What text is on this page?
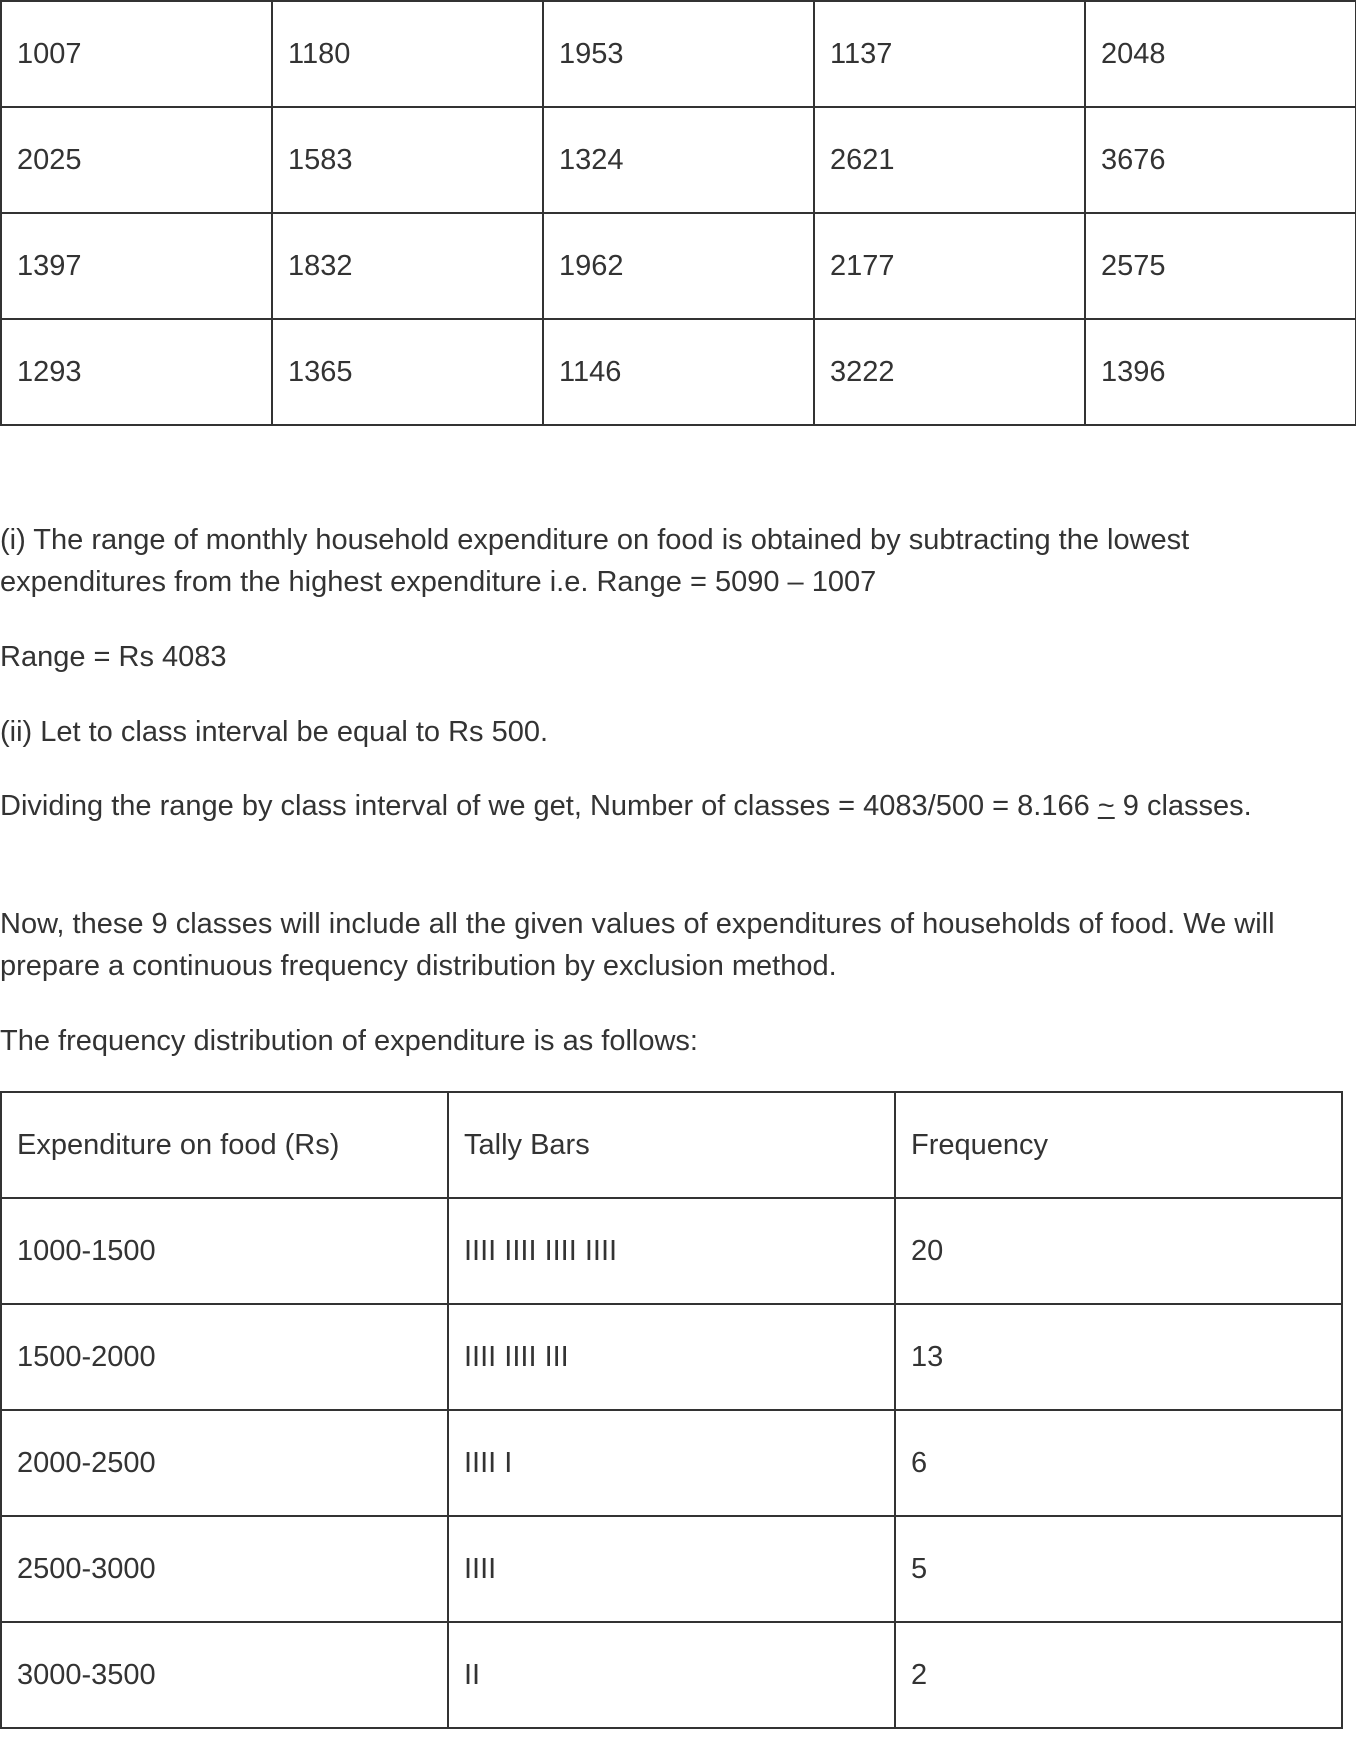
1007	1180	1953	1137	2048
2025	1583	1324	2621	3676
1397	1832	1962	2177	2575
1293	1365	1146	3222	1396

(i) The range of monthly household expenditure on food is obtained by subtracting the lowest expenditures from the highest expenditure i.e. Range = 5090 – 1007

Range = Rs 4083

(ii) Let to class interval be equal to Rs 500.

Dividing the range by class interval of we get, Number of classes = 4083/500 = 8.166 ~ 9 classes.

Now, these 9 classes will include all the given values of expenditures of households of food. We will prepare a continuous frequency distribution by exclusion method.

The frequency distribution of expenditure is as follows:

Expenditure on food (Rs)	Tally Bars	Frequency
1000-1500	IIII IIII IIII IIII	20
1500-2000	IIII IIII III	13
2000-2500	IIII I	6
2500-3000	IIII	5
3000-3500	II	2
